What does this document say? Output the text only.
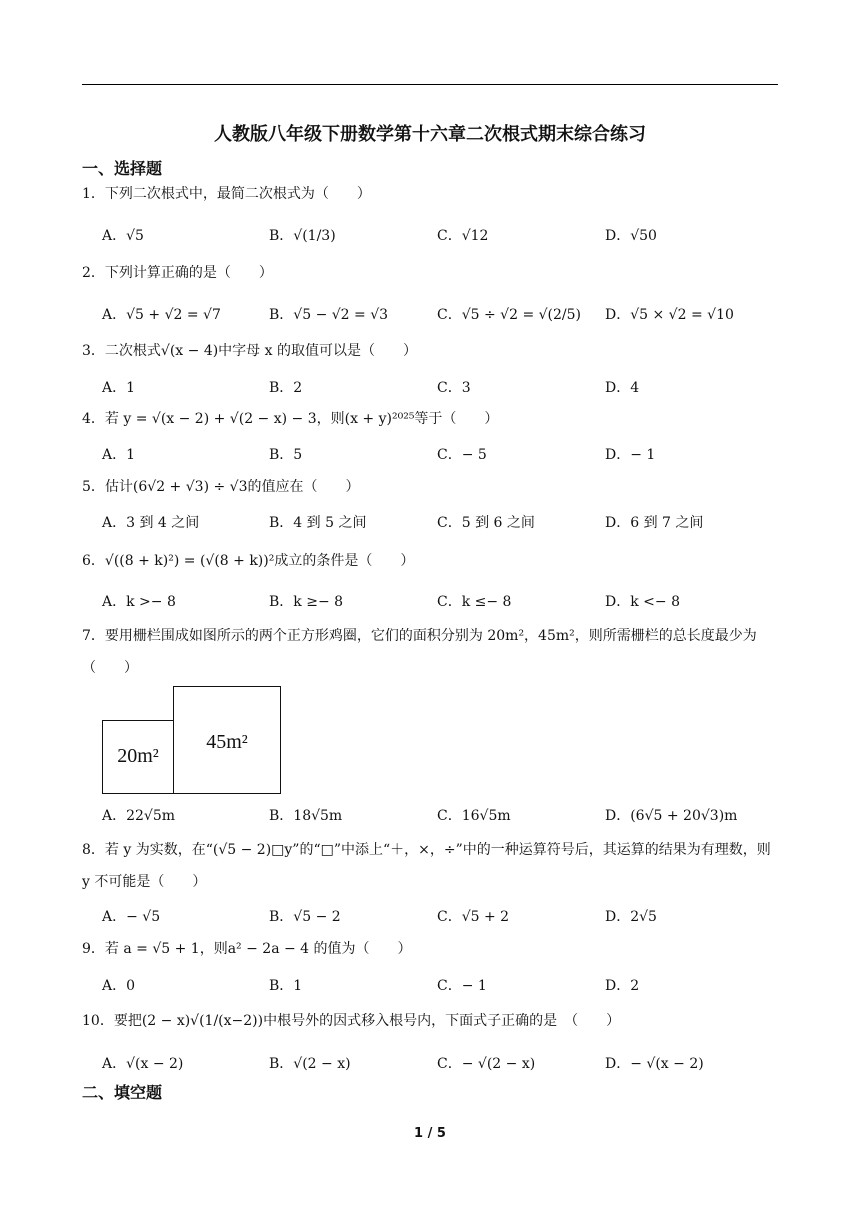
人教版八年级下册数学第十六章二次根式期末综合练习
一、选择题
1．下列二次根式中，最简二次根式为（　　）
A．√5	B．√(1/3)	C．√12	D．√50
2．下列计算正确的是（　　）
A．√5 + √2 = √7	B．√5 − √2 = √3	C．√5 ÷ √2 = √(2/5) D．√5 × √2 = √10
3．二次根式√(x − 4)中字母 x 的取值可以是（　　）
A．1	B．2	C．3	D．4
4．若 y = √(x − 2) + √(2 − x) − 3，则(x + y)²⁰²⁵等于（　　）
A．1	B．5	C．− 5	D．− 1
5．估计(6√2 + √3) ÷ √3的值应在（　　）
A．3 到 4 之间	B．4 到 5 之间	C．5 到 6 之间	D．6 到 7 之间
6．√((8 + k)²) = (√(8 + k))²成立的条件是（　　）
A．k >− 8	B．k ≥− 8	C．k ≤− 8	D．k <− 8
7．要用栅栏围成如图所示的两个正方形鸡圈，它们的面积分别为 20m²，45m²，则所需栅栏的总长度最少为（　　）
20m²
45m²
A．22√5m	B．18√5m	C．16√5m	D．(6√5 + 20√3)m
8．若 y 为实数，在“(√5 − 2)□y”的“□”中添上“＋，×，÷”中的一种运算符号后，其运算的结果为有理数，则 y 不可能是（　　）
A．− √5	B．√5 − 2	C．√5 + 2	D．2√5
9．若 a = √5 + 1，则a² − 2a − 4 的值为（　　）
A．0	B．1	C．− 1	D．2
10．要把(2 − x)√(1/(x−2))中根号外的因式移入根号内，下面式子正确的是　（　　）
A．√(x − 2)	B．√(2 − x)	C．− √(2 − x)	D．− √(x − 2)
二、填空题
1 / 5
